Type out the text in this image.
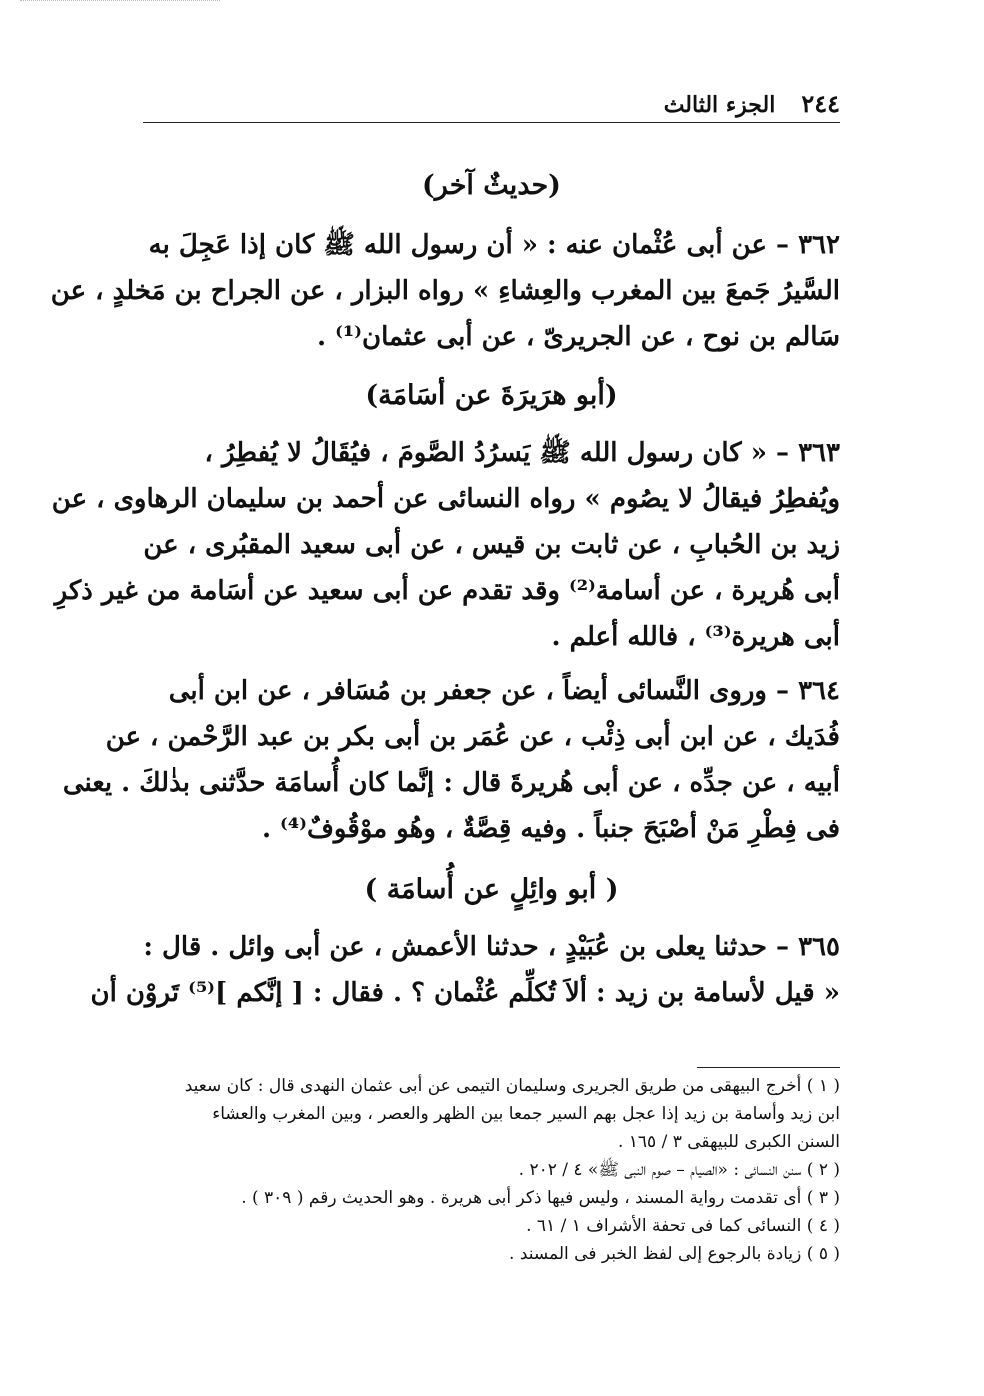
٢٤٤
الجزء الثالث
(حديثٌ آخر)
٣٦٢ – عن أبى عُثْمان عنه : « أن رسول الله ﷺ كان إذا عَجِلَ به
السَّيرُ جَمعَ بين المغرب والعِشاءِ » رواه البزار ، عن الجراح بن مَخلدٍ ، عن
سَالم بن نوح ، عن الجريرىّ ، عن أبى عثمان⁽¹⁾ .
(أبو هرَيرَةَ عن أسَامَة)
٣٦٣ – « كان رسول الله ﷺ يَسرُدُ الصَّومَ ، فيُقَالُ لا يُفطِرُ ،
ويُفطِرُ فيقالُ لا يصُوم » رواه النسائى عن أحمد بن سليمان الرهاوى ، عن
زيد بن الحُبابِ ، عن ثابت بن قيس ، عن أبى سعيد المقبُرى ، عن
أبى هُريرة ، عن أسامة⁽²⁾ وقد تقدم عن أبى سعيد عن أسَامة من غير ذكرِ
أبى هريرة⁽³⁾ ، فالله أعلم .
٣٦٤ – وروى النَّسائى أيضاً ، عن جعفر بن مُسَافر ، عن ابن أبى
فُدَيك ، عن ابن أبى ذِئْب ، عن عُمَر بن أبى بكر بن عبد الرَّحْمن ، عن
أبيه ، عن جدِّه ، عن أبى هُريرةَ قال : إنَّما كان أُسامَة حدَّثنى بذٰلكَ . يعنى
فى فِطْرِ مَنْ أصْبَحَ جنباً . وفيه قِصَّةٌ ، وهُو موْقُوفٌ⁽⁴⁾ .
( أبو وائِلٍ عن أُسامَة )
٣٦٥ – حدثنا يعلى بن عُبَيْدٍ ، حدثنا الأعمش ، عن أبى وائل . قال :
« قيل لأسامة بن زيد : ألاَ تُكلِّم عُثْمان ؟ . فقال : [ إنَّكم ]⁽⁵⁾ تَروْن أن
( ١ ) أخرج البيهقى من طريق الجريرى وسليمان التيمى عن أبى عثمان النهدى قال : كان سعيد
ابن زيد وأسامة بن زيد إذا عجل بهم السير جمعا بين الظهر والعصر ، وبين المغرب والعشاء
السنن الكبرى للبيهقى ٣ / ١٦٥ .
( ٢ ) سنن النسائى : «الصيام – صوم النبى ﷺ» ٤ / ٢٠٢ .
( ٣ ) أى تقدمت رواية المسند ، وليس فيها ذكر أبى هريرة . وهو الحديث رقم ( ٣٠٩ ) .
( ٤ ) النسائى كما فى تحفة الأشراف ١ / ٦١ .
( ٥ ) زيادة بالرجوع إلى لفظ الخبر فى المسند .
